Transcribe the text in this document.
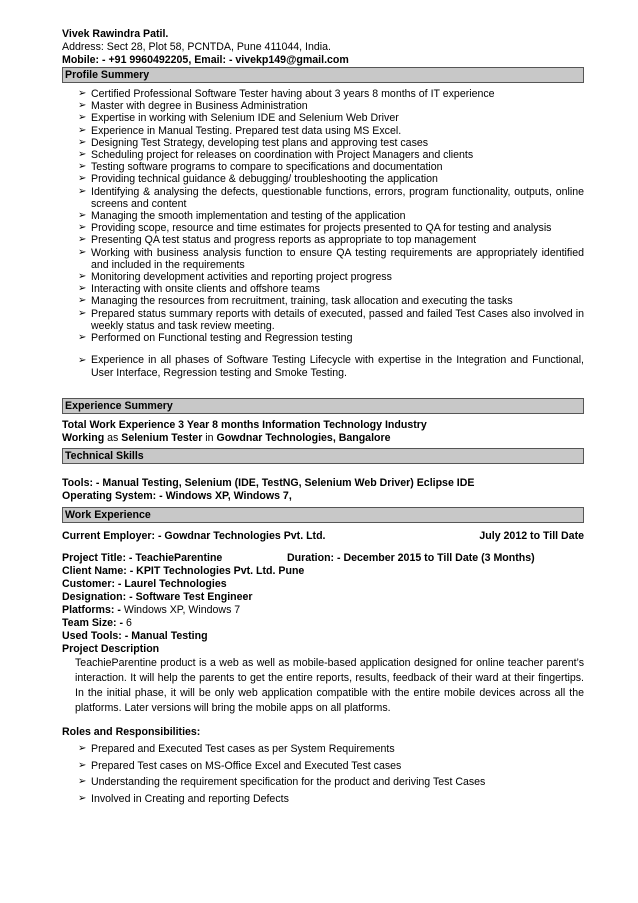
Vivek Rawindra Patil.
Address: Sect 28, Plot 58, PCNTDA, Pune 411044, India.
Mobile: - +91 9960492205, Email: - vivekp149@gmail.com
Profile Summery
➢ Certified Professional Software Tester having about 3 years 8 months of IT experience
➢ Master with degree in Business Administration
➢ Expertise in working with Selenium IDE and Selenium Web Driver
➢ Experience in Manual Testing. Prepared test data using MS Excel.
➢ Designing Test Strategy, developing test plans and approving test cases
➢ Scheduling project for releases on coordination with Project Managers and clients
➢ Testing software programs to compare to specifications and documentation
➢ Providing technical guidance & debugging/ troubleshooting the application
➢ Identifying & analysing the defects, questionable functions, errors, program functionality, outputs, online screens and content
➢ Managing the smooth implementation and testing of the application
➢ Providing scope, resource and time estimates for projects presented to QA for testing and analysis
➢ Presenting QA test status and progress reports as appropriate to top management
➢ Working with business analysis function to ensure QA testing requirements are appropriately identified and included in the requirements
➢ Monitoring development activities and reporting project progress
➢ Interacting with onsite clients and offshore teams
➢ Managing the resources from recruitment, training, task allocation and executing the tasks
➢ Prepared status summary reports with details of executed, passed and failed Test Cases also involved in weekly status and task review meeting.
➢ Performed on Functional testing and Regression testing
➢ Experience in all phases of Software Testing Lifecycle with expertise in the Integration and Functional, User Interface, Regression testing and Smoke Testing.
Experience Summery
Total Work Experience 3 Year 8 months Information Technology Industry
Working as Selenium Tester in Gowdnar Technologies, Bangalore
Technical Skills
Tools: - Manual Testing, Selenium (IDE, TestNG, Selenium Web Driver) Eclipse IDE
Operating System: - Windows XP, Windows 7,
Work Experience
Current Employer: - Gowdnar Technologies Pvt. Ltd.	July 2012 to Till Date
Project Title: - TeachieParentine	Duration: - December 2015 to Till Date (3 Months)
Client Name: - KPIT Technologies Pvt. Ltd. Pune
Customer: - Laurel Technologies
Designation: - Software Test Engineer
Platforms: - Windows XP, Windows 7
Team Size: - 6
Used Tools: - Manual Testing
Project Description
TeachieParentine product is a web as well as mobile-based application designed for online teacher parent’s interaction. It will help the parents to get the entire reports, results, feedback of their ward at their fingertips. In the initial phase, it will be only web application compatible with the entire mobile devices across all the platforms. Later versions will bring the mobile apps on all platforms.
Roles and Responsibilities:
➢ Prepared and Executed Test cases as per System Requirements
➢ Prepared Test cases on MS-Office Excel and Executed Test cases
➢ Understanding the requirement specification for the product and deriving Test Cases
➢ Involved in Creating and reporting Defects
